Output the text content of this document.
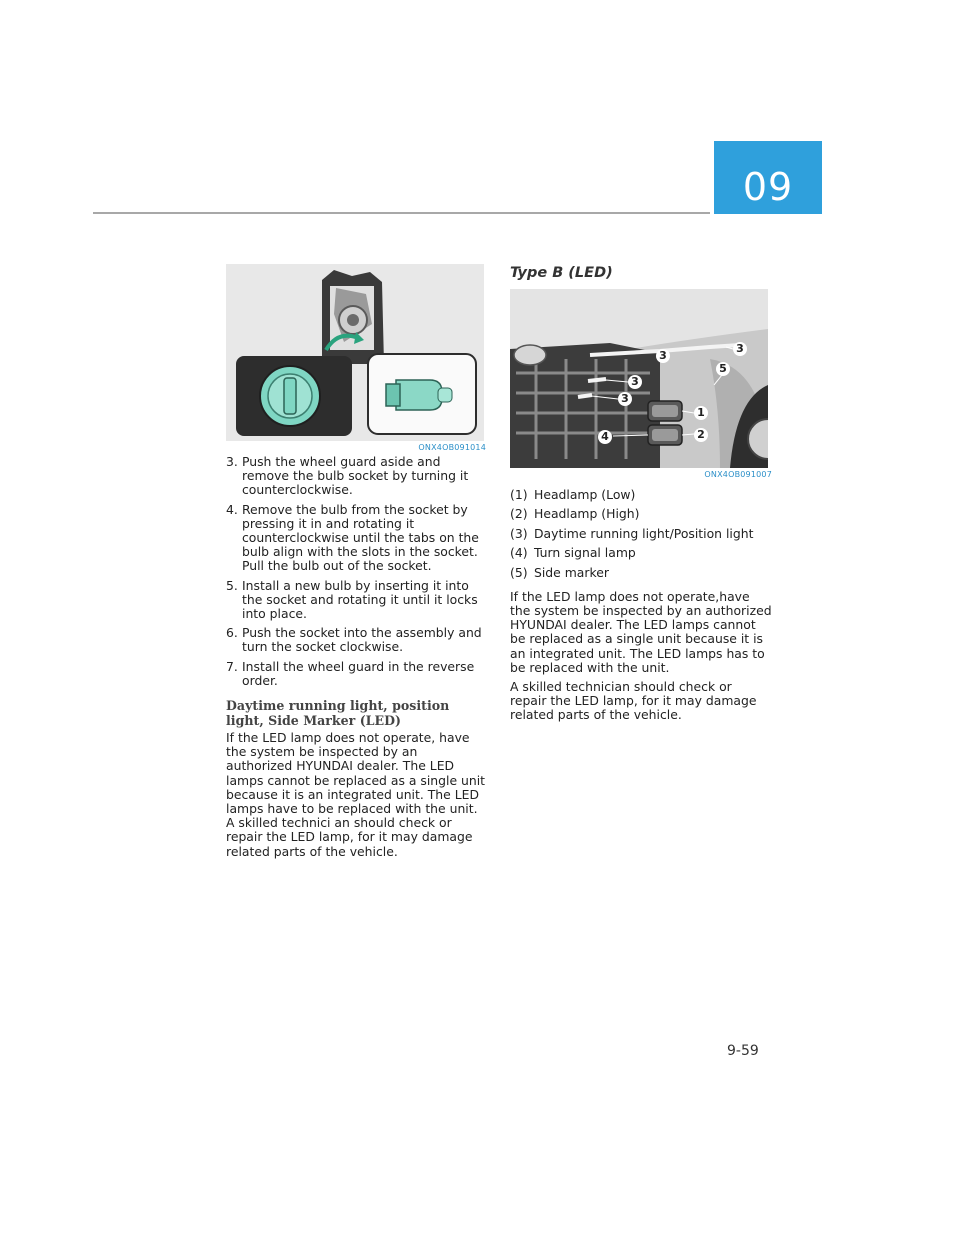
09
ONX4OB091014
3. Push the wheel guard aside and remove the bulb socket by turning it counterclockwise.
4. Remove the bulb from the socket by pressing it in and rotating it counterclockwise until the tabs on the bulb align with the slots in the socket. Pull the bulb out of the socket.
5. Install a new bulb by inserting it into the socket and rotating it until it locks into place.
6. Push the socket into the assembly and turn the socket clockwise.
7. Install the wheel guard in the reverse order.
Daytime running light, position light, Side Marker (LED)

If the LED lamp does not operate, have the system be inspected by an authorized HYUNDAI dealer. The LED lamps cannot be replaced as a single unit because it is an integrated unit. The LED lamps have to be replaced with the unit. A skilled technici an should check or repair the LED lamp, for it may damage related parts of the vehicle.

Type B (LED)
3
3
3
3
5
1
2
4
ONX4OB091007
(1) Headlamp (Low)
(2) Headlamp (High)
(3) Daytime running light/Position light
(4) Turn signal lamp
(5) Side marker

If the LED lamp does not operate,have the system be inspected by an authorized HYUNDAI dealer. The LED lamps cannot be replaced as a single unit because it is an integrated unit. The LED lamps has to be replaced with the unit.

A skilled technician should check or repair the LED lamp, for it may damage related parts of the vehicle.

9-59
